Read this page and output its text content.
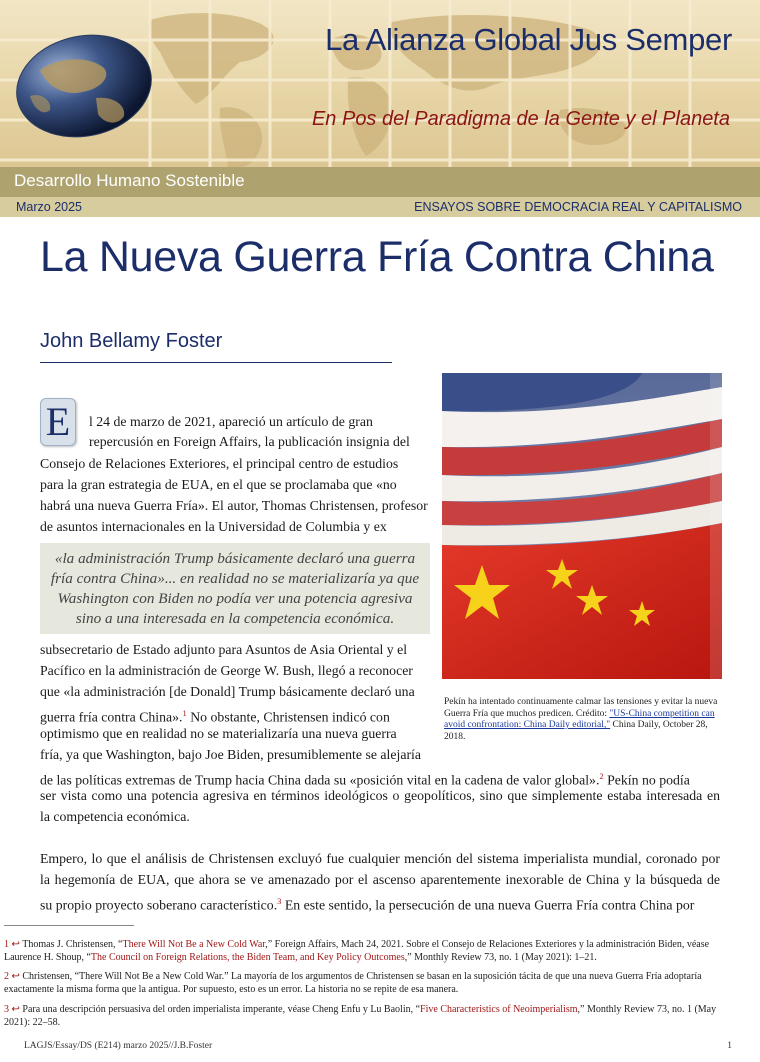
La Alianza Global Jus Semper
En Pos del Paradigma de la Gente y el Planeta
Desarrollo Humano Sostenible
Marzo 2025	ENSAYOS SOBRE DEMOCRACIA REAL Y CAPITALISMO
La Nueva Guerra Fría Contra China
John Bellamy Foster
Pekín ha intentado continuamente calmar las tensiones y evitar la nueva Guerra Fría que muchos predicen. Crédito: "US-China competition can avoid confrontation: China Daily editorial," China Daily, October 28, 2018.
E	l 24 de marzo de 2021, apareció un artículo de gran
repercusión en Foreign Affairs, la publicación insignia del
Consejo de Relaciones Exteriores, el principal centro de estudios
para la gran estrategia de EUA, en el que se proclamaba que «no
habrá una nueva Guerra Fría». El autor, Thomas Christensen, profesor
de asuntos internacionales en la Universidad de Columbia y ex
«la administración Trump básicamente declaró una guerra
fría contra China»... en realidad no se materializaría ya que
Washington con Biden no podía ver una potencia agresiva
sino a una interesada en la competencia económica.
subsecretario de Estado adjunto para Asuntos de Asia Oriental y el
Pacífico en la administración de George W. Bush, llegó a reconocer
que «la administración [de Donald] Trump básicamente declaró una
guerra fría contra China».$^1$ No obstante, Christensen indicó con
optimismo que en realidad no se materializaría una nueva guerra
fría, ya que Washington, bajo Joe Biden, presumiblemente se alejaría
de las políticas extremas de Trump hacia China dada su «posición vital en la cadena de valor global».$^2$ Pekín no podía
ser vista como una potencia agresiva en términos ideológicos o geopolíticos, sino que simplemente estaba interesada en
la competencia económica.
Empero, lo que el análisis de Christensen excluyó fue cualquier mención del sistema imperialista mundial, coronado por
la hegemonía de EUA, que ahora se ve amenazado por el ascenso aparentemente inexorable de China y la búsqueda de
su propio proyecto soberano característico.$^3$ En este sentido, la persecución de una nueva Guerra Fría contra China por
1 ↩ Thomas J. Christensen, “There Will Not Be a New Cold War,” Foreign Affairs, Mach 24, 2021. Sobre el Consejo de Relaciones Exteriores y la administración Biden, véase Laurence H. Shoup, “The Council on Foreign Relations, the Biden Team, and Key Policy Outcomes,” Monthly Review 73, no. 1 (May 2021): 1–21.
2 ↩ Christensen, “There Will Not Be a New Cold War.” La mayoría de los argumentos de Christensen se basan en la suposición tácita de que una nueva Guerra Fría adoptaría exactamente la misma forma que la antigua. Por supuesto, esto es un error. La historia no se repite de esa manera.
3 ↩ Para una descripción persuasiva del orden imperialista imperante, véase Cheng Enfu y Lu Baolin, “Five Characteristics of Neoimperialism,” Monthly Review 73, no. 1 (May 2021): 22–58.
LAGJS/Essay/DS (E214) marzo 2025//J.B.Foster	1
